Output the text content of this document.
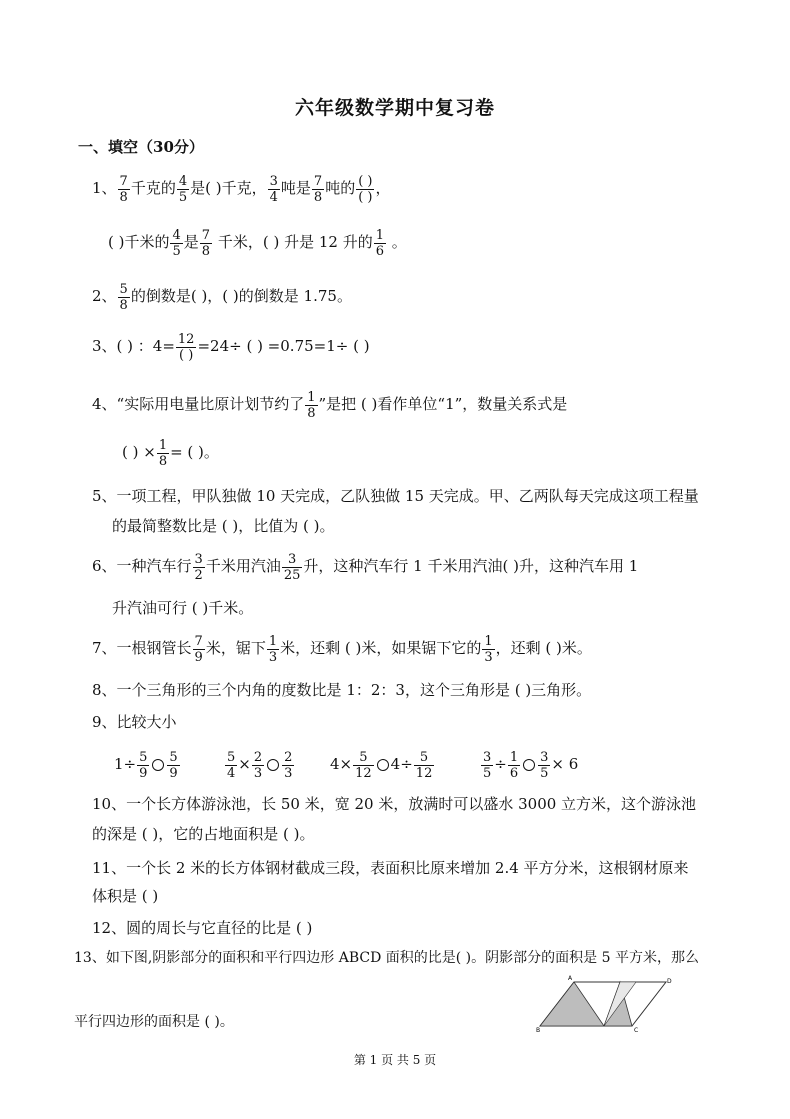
六年级数学期中复习卷
一、填空（30分）
1、 $\frac{7}{8}$ 千克的 $\frac{4}{5}$ 是( )千克， $\frac{3}{4}$ 吨是 $\frac{7}{8}$ 吨的 $\frac{( )}{( )}$ ，
( )千米的 $\frac{4}{5}$ 是 $\frac{7}{8}$ 千米，( ) 升是 12 升的 $\frac{1}{6}$ 。
2、 $\frac{5}{8}$ 的倒数是( )，( )的倒数是 1.75。
3、( ) ：$4= \frac{12}{( )} =24\div$ ( ) =0.75=1÷ ( )
4、“实际用电量比原计划节约了 $\frac{1}{8}$ ”是把 ( )看作单位“1”，数量关系式是
( ) × $\frac{1}{8}$ = ( )。
5、一项工程，甲队独做 10 天完成，乙队独做 15 天完成。甲、乙两队每天完成这项工程量
的最简整数比是 ( )，比值为 ( )。
6、一种汽车行 $\frac{3}{2}$ 千米用汽油 $\frac{3}{25}$ 升，这种汽车行 1 千米用汽油( )升，这种汽车用 1
升汽油可行 ( )千米。
7、一根钢管长 $\frac{7}{9}$ 米，锯下 $\frac{1}{3}$ 米，还剩 ( )米，如果锯下它的 $\frac{1}{3}$ ，还剩 ( )米。
8、一个三角形的三个内角的度数比是 1：2：3，这个三角形是 ( )三角形。
9、比较大小
$1\div \frac{5}{9} \frac{5}{9}$	$\frac{5}{4} \times \frac{2}{3} \frac{2}{3} 4\times \frac{5}{12} 4\div \frac{5}{12}$	$\frac{3}{5} \div \frac{1}{6} \frac{3}{5} \times 6$
10、一个长方体游泳池，长 50 米，宽 20 米，放满时可以盛水 3000 立方米，这个游泳池
的深是 ( )，它的占地面积是 ( )。
11、一个长 2 米的长方体钢材截成三段，表面积比原来增加 2.4 平方分米，这根钢材原来
体积是 ( )
12、圆的周长与它直径的比是 ( )
13、如下图,阴影部分的面积和平行四边形 ABCD 面积的比是( )。阴影部分的面积是 5 平方米，那么
平行四边形的面积是 ( )。
A	D
B	C
第 1 页 共 5 页
